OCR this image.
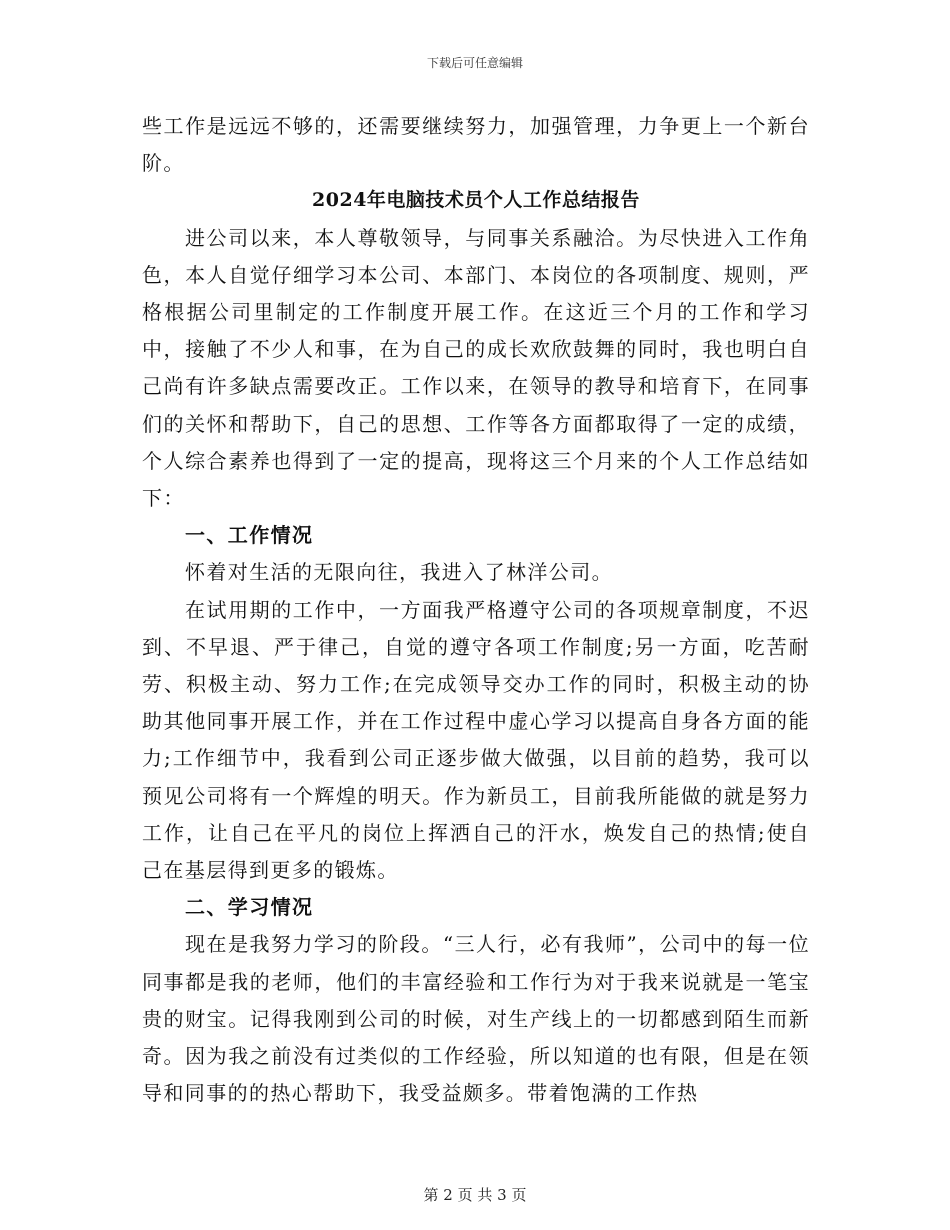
下载后可任意编辑

些工作是远远不够的，还需要继续努力，加强管理，力争更上一个新台阶。

2024年电脑技术员个人工作总结报告

进公司以来，本人尊敬领导，与同事关系融洽。为尽快进入工作角色，本人自觉仔细学习本公司、本部门、本岗位的各项制度、规则，严格根据公司里制定的工作制度开展工作。在这近三个月的工作和学习中，接触了不少人和事，在为自己的成长欢欣鼓舞的同时，我也明白自己尚有许多缺点需要改正。工作以来，在领导的教导和培育下，在同事们的关怀和帮助下，自己的思想、工作等各方面都取得了一定的成绩，个人综合素养也得到了一定的提高，现将这三个月来的个人工作总结如下：

一、工作情况

怀着对生活的无限向往，我进入了林洋公司。

在试用期的工作中，一方面我严格遵守公司的各项规章制度，不迟到、不早退、严于律己，自觉的遵守各项工作制度;另一方面，吃苦耐劳、积极主动、努力工作;在完成领导交办工作的同时，积极主动的协助其他同事开展工作，并在工作过程中虚心学习以提高自身各方面的能力;工作细节中，我看到公司正逐步做大做强，以目前的趋势，我可以预见公司将有一个辉煌的明天。作为新员工，目前我所能做的就是努力工作，让自己在平凡的岗位上挥洒自己的汗水，焕发自己的热情;使自己在基层得到更多的锻炼。

二、学习情况

现在是我努力学习的阶段。“三人行，必有我师”，公司中的每一位同事都是我的老师，他们的丰富经验和工作行为对于我来说就是一笔宝贵的财宝。记得我刚到公司的时候，对生产线上的一切都感到陌生而新奇。因为我之前没有过类似的工作经验，所以知道的也有限，但是在领导和同事的的热心帮助下，我受益颇多。带着饱满的工作热

第 2 页 共 3 页
